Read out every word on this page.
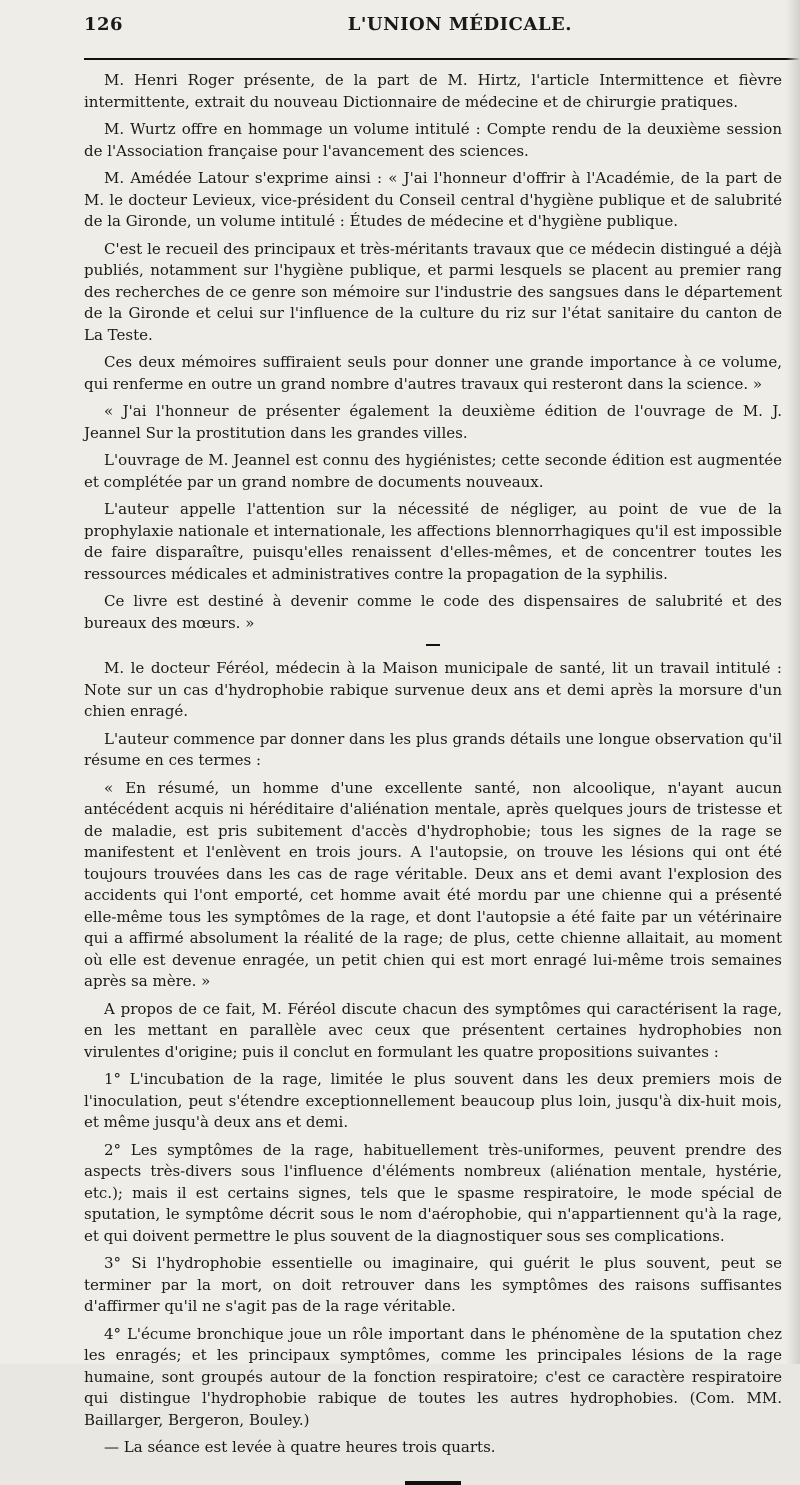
126	L'UNION MÉDICALE.

M. Henri Roger présente, de la part de M. Hirtz, l'article Intermittence et fièvre intermittente, extrait du nouveau Dictionnaire de médecine et de chirurgie pratiques.

M. Wurtz offre en hommage un volume intitulé : Compte rendu de la deuxième session de l'Association française pour l'avancement des sciences.

M. Amédée Latour s'exprime ainsi : « J'ai l'honneur d'offrir à l'Académie, de la part de M. le docteur Levieux, vice-président du Conseil central d'hygiène publique et de salubrité de la Gironde, un volume intitulé : Études de médecine et d'hygiène publique.

C'est le recueil des principaux et très-méritants travaux que ce médecin distingué a déjà publiés, notamment sur l'hygiène publique, et parmi lesquels se placent au premier rang des recherches de ce genre son mémoire sur l'industrie des sangsues dans le département de la Gironde et celui sur l'influence de la culture du riz sur l'état sanitaire du canton de La Teste.

Ces deux mémoires suffiraient seuls pour donner une grande importance à ce volume, qui renferme en outre un grand nombre d'autres travaux qui resteront dans la science. »

« J'ai l'honneur de présenter également la deuxième édition de l'ouvrage de M. J. Jeannel Sur la prostitution dans les grandes villes.

L'ouvrage de M. Jeannel est connu des hygiénistes; cette seconde édition est augmentée et complétée par un grand nombre de documents nouveaux.

L'auteur appelle l'attention sur la nécessité de négliger, au point de vue de la prophylaxie nationale et internationale, les affections blennorrhagiques qu'il est impossible de faire disparaître, puisqu'elles renaissent d'elles-mêmes, et de concentrer toutes les ressources médicales et administratives contre la propagation de la syphilis.

Ce livre est destiné à devenir comme le code des dispensaires de salubrité et des bureaux des mœurs. »

M. le docteur Féréol, médecin à la Maison municipale de santé, lit un travail intitulé : Note sur un cas d'hydrophobie rabique survenue deux ans et demi après la morsure d'un chien enragé.

L'auteur commence par donner dans les plus grands détails une longue observation qu'il résume en ces termes :

« En résumé, un homme d'une excellente santé, non alcoolique, n'ayant aucun antécédent acquis ni héréditaire d'aliénation mentale, après quelques jours de tristesse et de maladie, est pris subitement d'accès d'hydrophobie; tous les signes de la rage se manifestent et l'enlèvent en trois jours. A l'autopsie, on trouve les lésions qui ont été toujours trouvées dans les cas de rage véritable. Deux ans et demi avant l'explosion des accidents qui l'ont emporté, cet homme avait été mordu par une chienne qui a présenté elle-même tous les symptômes de la rage, et dont l'autopsie a été faite par un vétérinaire qui a affirmé absolument la réalité de la rage; de plus, cette chienne allaitait, au moment où elle est devenue enragée, un petit chien qui est mort enragé lui-même trois semaines après sa mère. »

A propos de ce fait, M. Féréol discute chacun des symptômes qui caractérisent la rage, en les mettant en parallèle avec ceux que présentent certaines hydrophobies non virulentes d'origine; puis il conclut en formulant les quatre propositions suivantes :

1° L'incubation de la rage, limitée le plus souvent dans les deux premiers mois de l'inoculation, peut s'étendre exceptionnellement beaucoup plus loin, jusqu'à dix-huit mois, et même jusqu'à deux ans et demi.

2° Les symptômes de la rage, habituellement très-uniformes, peuvent prendre des aspects très-divers sous l'influence d'éléments nombreux (aliénation mentale, hystérie, etc.); mais il est certains signes, tels que le spasme respiratoire, le mode spécial de sputation, le symptôme décrit sous le nom d'aérophobie, qui n'appartiennent qu'à la rage, et qui doivent permettre le plus souvent de la diagnostiquer sous ses complications.

3° Si l'hydrophobie essentielle ou imaginaire, qui guérit le plus souvent, peut se terminer par la mort, on doit retrouver dans les symptômes des raisons suffisantes d'affirmer qu'il ne s'agit pas de la rage véritable.

4° L'écume bronchique joue un rôle important dans le phénomène de la sputation chez les enragés; et les principaux symptômes, comme les principales lésions de la rage humaine, sont groupés autour de la fonction respiratoire; c'est ce caractère respiratoire qui distingue l'hydrophobie rabique de toutes les autres hydrophobies. (Com. MM. Baillarger, Bergeron, Bouley.)

— La séance est levée à quatre heures trois quarts.
